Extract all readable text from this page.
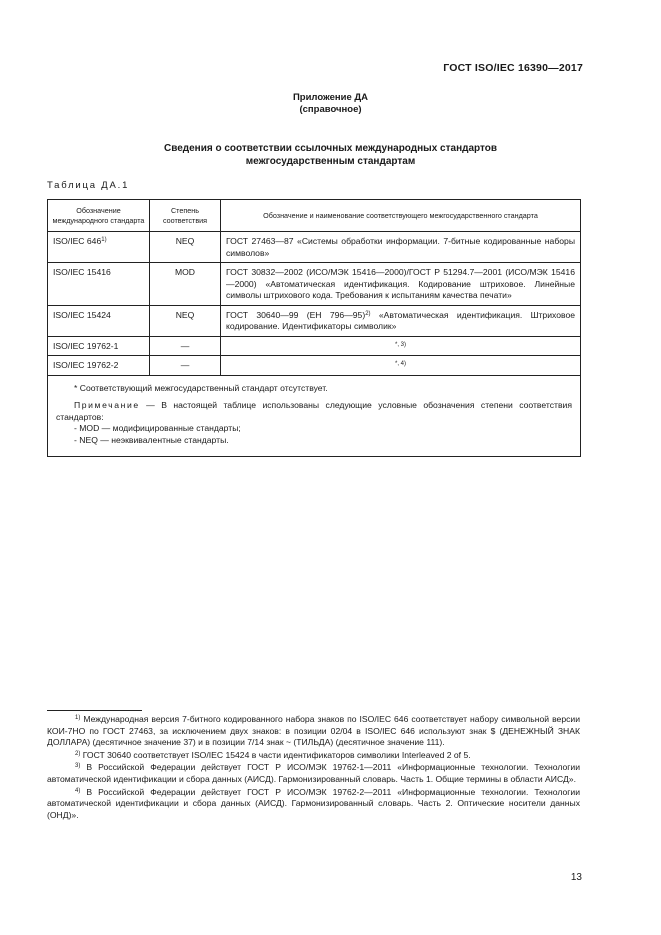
ГОСТ ISO/IEC 16390—2017
Приложение ДА
(справочное)
Сведения о соответствии ссылочных международных стандартов
межгосударственным стандартам
Таблица ДА.1
Обозначение международного стандарта	Степень соответствия	Обозначение и наименование соответствующего межгосударственного стандарта
ISO/IEC 646$^{1)}$	NEQ	ГОСТ 27463—87 «Системы обработки информации. 7-битные кодированные наборы символов»
ISO/IEC 15416	MOD	ГОСТ 30832—2002 (ИСО/МЭК 15416—2000)/ГОСТ Р 51294.7—2001 (ИСО/МЭК 15416—2000) «Автоматическая идентификация. Кодирование штриховое. Линейные символы штрихового кода. Требования к испытаниям качества печати»
ISO/IEC 15424	NEQ	ГОСТ 30640—99 (ЕН 796—95)$^{2)}$ «Автоматическая идентификация. Штриховое кодирование. Идентификаторы символик»
ISO/IEC 19762-1	—	$^{*, 3)}$
ISO/IEC 19762-2	—	$^{*, 4)}$

* Соответствующий межгосударственный стандарт отсутствует.

Примечание — В настоящей таблице использованы следующие условные обозначения степени соответствия стандартов:

- MOD — модифицированные стандарты;
- NEQ — неэквивалентные стандарты.		

$^{1)}$ Международная версия 7-битного кодированного набора знаков по ISO/IEC 646 соответствует набору символьной версии КОИ-7НО по ГОСТ 27463, за исключением двух знаков: в позиции 02/04 в ISO/IEC 646 используют знак $ (ДЕНЕЖНЫЙ ЗНАК ДОЛЛАРА) (десятичное значение 37) и в позиции 7/14 знак ~ (ТИЛЬДА) (десятичное значение 111).

$^{2)}$ ГОСТ 30640 соответствует ISO/IEC 15424 в части идентификаторов символики Interleaved 2 of 5.

$^{3)}$ В Российской Федерации действует ГОСТ Р ИСО/МЭК 19762-1—2011 «Информационные технологии. Технологии автоматической идентификации и сбора данных (АИСД). Гармонизированный словарь. Часть 1. Общие термины в области АИСД».

$^{4)}$ В Российской Федерации действует ГОСТ Р ИСО/МЭК 19762-2—2011 «Информационные технологии. Технологии автоматической идентификации и сбора данных (АИСД). Гармонизированный словарь. Часть 2. Оптические носители данных (ОНД)».

13
